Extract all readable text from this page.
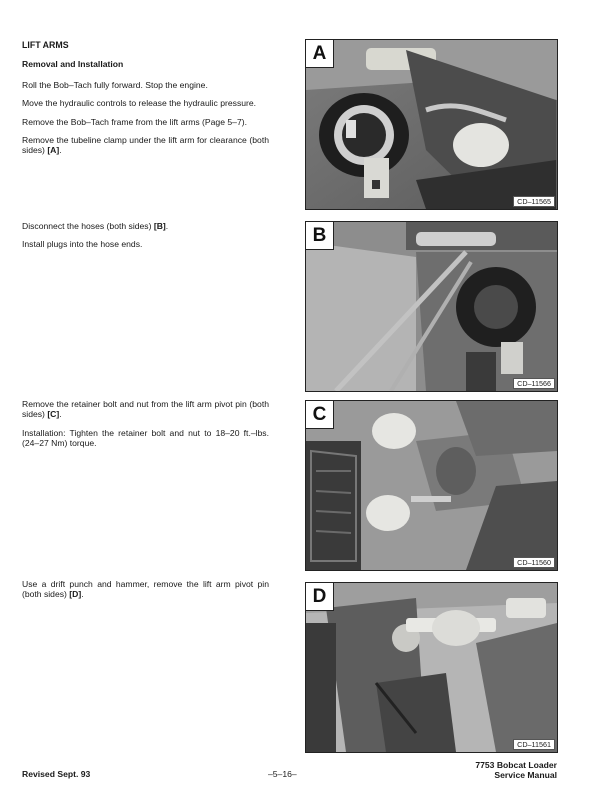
LIFT ARMS
Removal and Installation

Roll the Bob–Tach fully forward. Stop the engine.

Move the hydraulic controls to release the hydraulic pressure.

Remove the Bob–Tach frame from the lift arms (Page 5–7).

Remove the tubeline clamp under the lift arm for clearance (both sides) [A].

Disconnect the hoses (both sides) [B].

Install plugs into the hose ends.

Remove the retainer bolt and nut from the lift arm pivot pin (both sides) [C].

Installation: Tighten the retainer bolt and nut to 18–20 ft.–lbs. (24–27 Nm) torque.

Use a drift punch and hammer, remove the lift arm pivot pin (both sides) [D].

A
CD–11565
B
CD–11566
C
CD–11560
D
CD–11561
Revised Sept. 93	–5–16–
7753 Bobcat Loader
Service Manual
